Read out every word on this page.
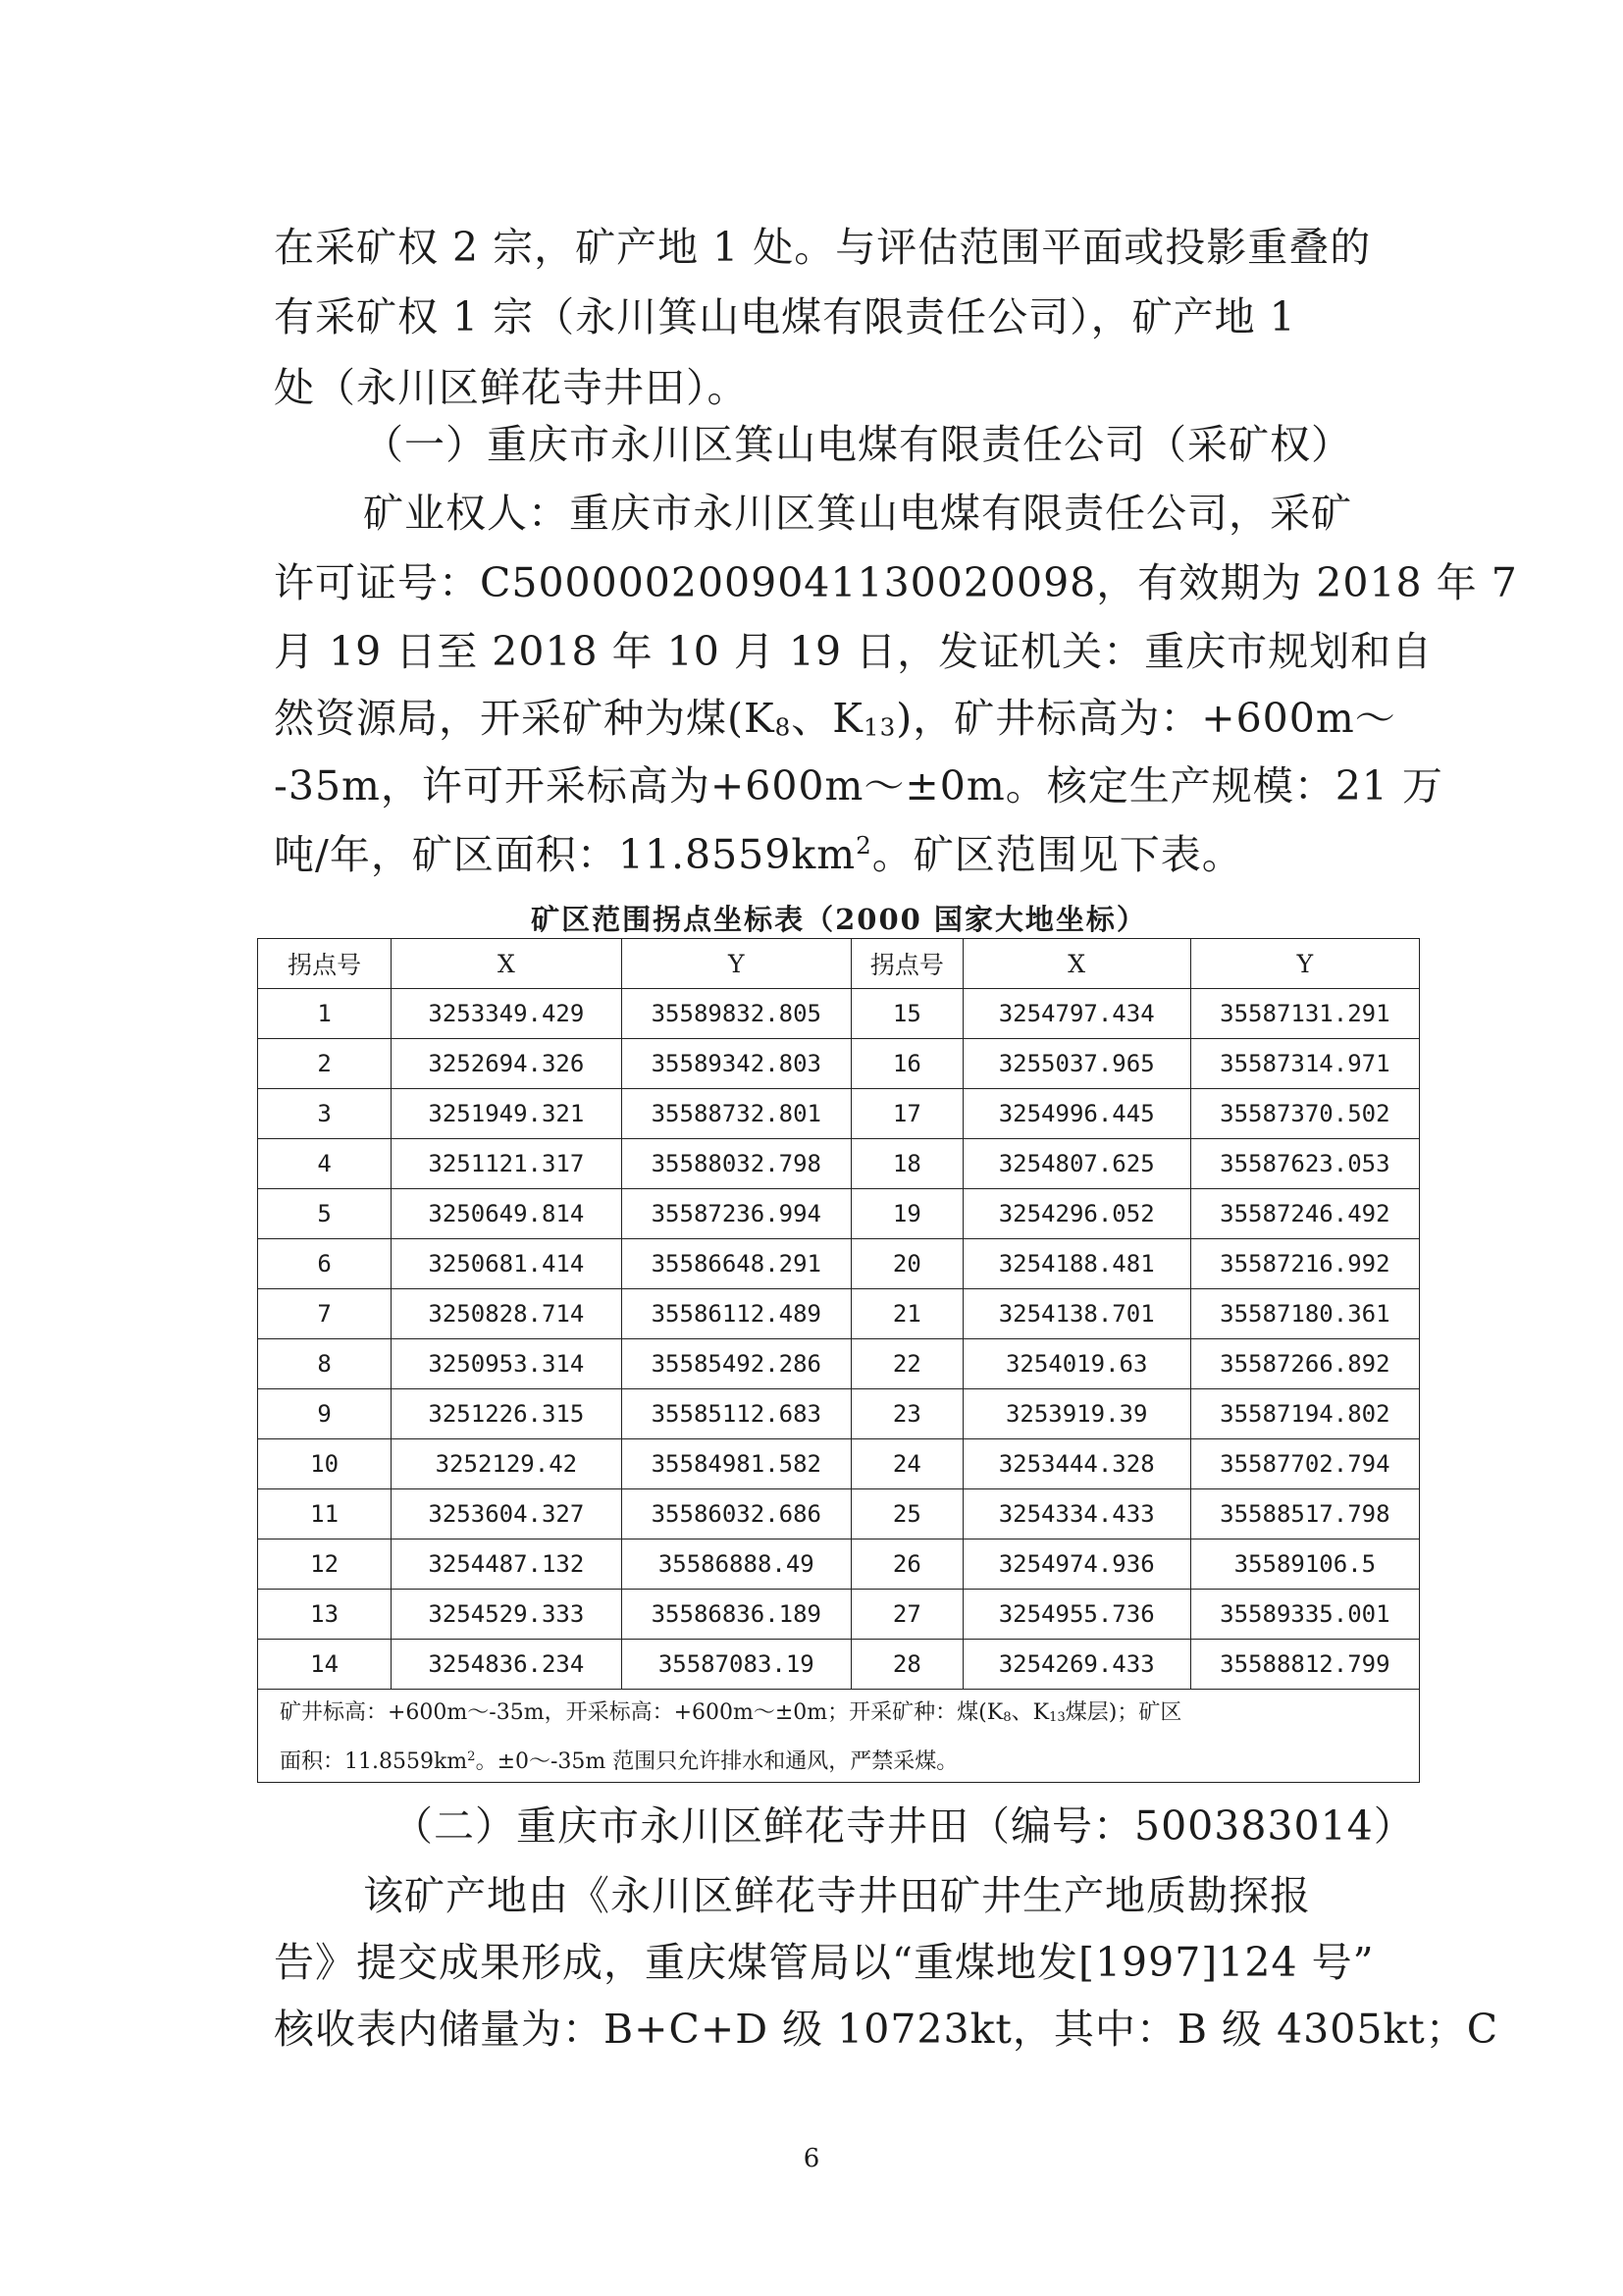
在采矿权 2 宗，矿产地 1 处。与评估范围平面或投影重叠的
有采矿权 1 宗（永川箕山电煤有限责任公司），矿产地 1
处（永川区鲜花寺井田）。
（一）重庆市永川区箕山电煤有限责任公司（采矿权）
矿业权人：重庆市永川区箕山电煤有限责任公司，采矿
许可证号：C5000002009041130020098，有效期为 2018 年 7
月 19 日至 2018 年 10 月 19 日，发证机关：重庆市规划和自
然资源局，开采矿种为煤($K_8$、$K_{13}$)，矿井标高为：+600m～
-35m，许可开采标高为+600m～±0m。核定生产规模：21 万
吨/年，矿区面积：$11.8559km^2$。矿区范围见下表。
矿区范围拐点坐标表（2000 国家大地坐标）
拐点号	X	Y	拐点号	X	Y
1	3253349.429	35589832.805	15	3254797.434	35587131.291
2	3252694.326	35589342.803	16	3255037.965	35587314.971
3	3251949.321	35588732.801	17	3254996.445	35587370.502
4	3251121.317	35588032.798	18	3254807.625	35587623.053
5	3250649.814	35587236.994	19	3254296.052	35587246.492
6	3250681.414	35586648.291	20	3254188.481	35587216.992
7	3250828.714	35586112.489	21	3254138.701	35587180.361
8	3250953.314	35585492.286	22	3254019.63	35587266.892
9	3251226.315	35585112.683	23	3253919.39	35587194.802
10	3252129.42	35584981.582	24	3253444.328	35587702.794
11	3253604.327	35586032.686	25	3254334.433	35588517.798
12	3254487.132	35586888.49	26	3254974.936	35589106.5
13	3254529.333	35586836.189	27	3254955.736	35589335.001
14	3254836.234	35587083.19	28	3254269.433	35588812.799
矿井标高：+600m～-35m，开采标高：+600m～±0m；开采矿种：煤($K_8$、$K_{13}$煤层)；矿区
面积：$11.8559km^2$。±0～-35m 范围只允许排水和通风，严禁采煤。					
（二）重庆市永川区鲜花寺井田（编号：500383014）
该矿产地由《永川区鲜花寺井田矿井生产地质勘探报
告》提交成果形成，重庆煤管局以“重煤地发[1997]124 号”
核收表内储量为：B+C+D 级 10723kt，其中：B 级 4305kt；C
6
